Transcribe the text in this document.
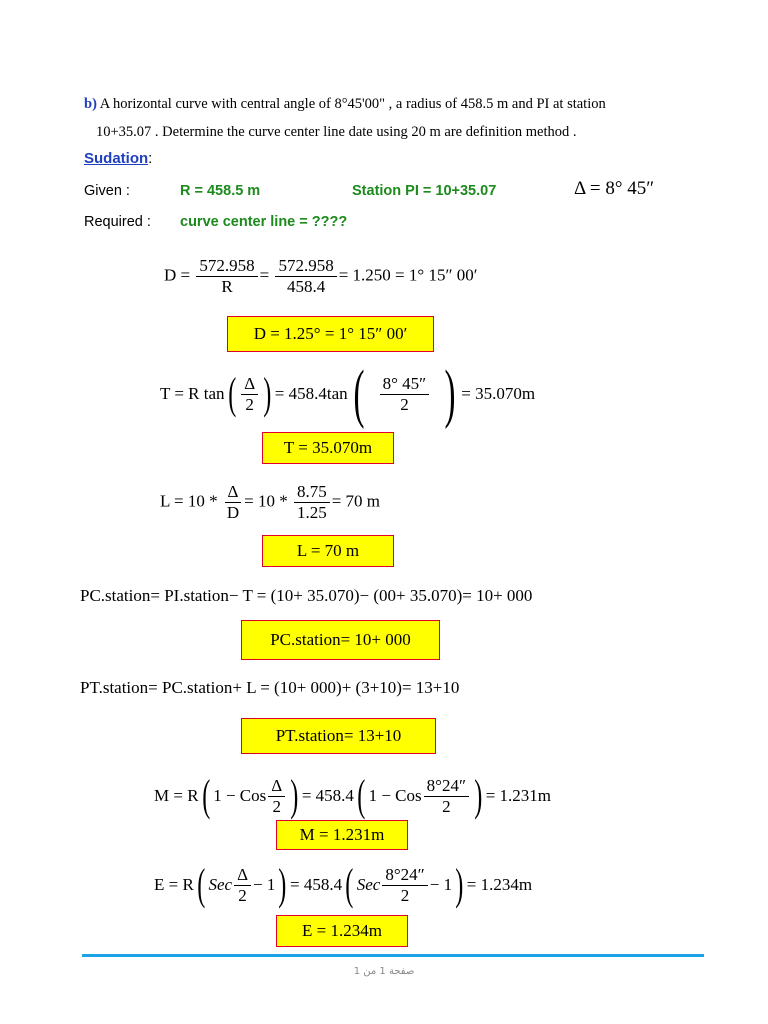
b) A horizontal curve with central angle of 8°45'00" , a radius of 458.5 m and PI at station
10+35.07 . Determine the curve center line date using 20 m are definition method .
Sudation:
Given :	R = 458.5 m	Station PI = 10+35.07	Δ = 8° 45″
Required : curve center line = ????
$D = \frac{572.958}{R} = \frac{572.958}{458.4} = 1.250 = 1^\circ$ 15″ 00′
D = 1.25° = 1° 15″ 00′
T = R tan ( $\frac{\Delta}{2}$ ) = 458.4tan ( $\frac{8^\circ 45''}{2}$ ) = 35.070m
T = 35.070m
$L = 10 * \frac{\Delta}{D} = 10 * \frac{8.75}{1.25} = 70$ m
L = 70 m
PC.station= PI.station− T = (10+ 35.070)− (00+ 35.070)= 10+ 000
PC.station= 10+ 000
PT.station= PC.station+ L = (10+ 000)+ (3+10)= 13+10
PT.station= 13+10
M = R ( 1 − Cos $\frac{\Delta}{2}$ ) = 458.4 ( 1 − Cos $\frac{8^\circ 24''}{2}$ ) = 1.231m
M = 1.231m
E = R ( Sec $\frac{\Delta}{2} - 1$ ) = 458.4 ( Sec $\frac{8^\circ 24''}{2} - 1$ ) = 1.234m
E = 1.234m
صفحة 1 من 1
